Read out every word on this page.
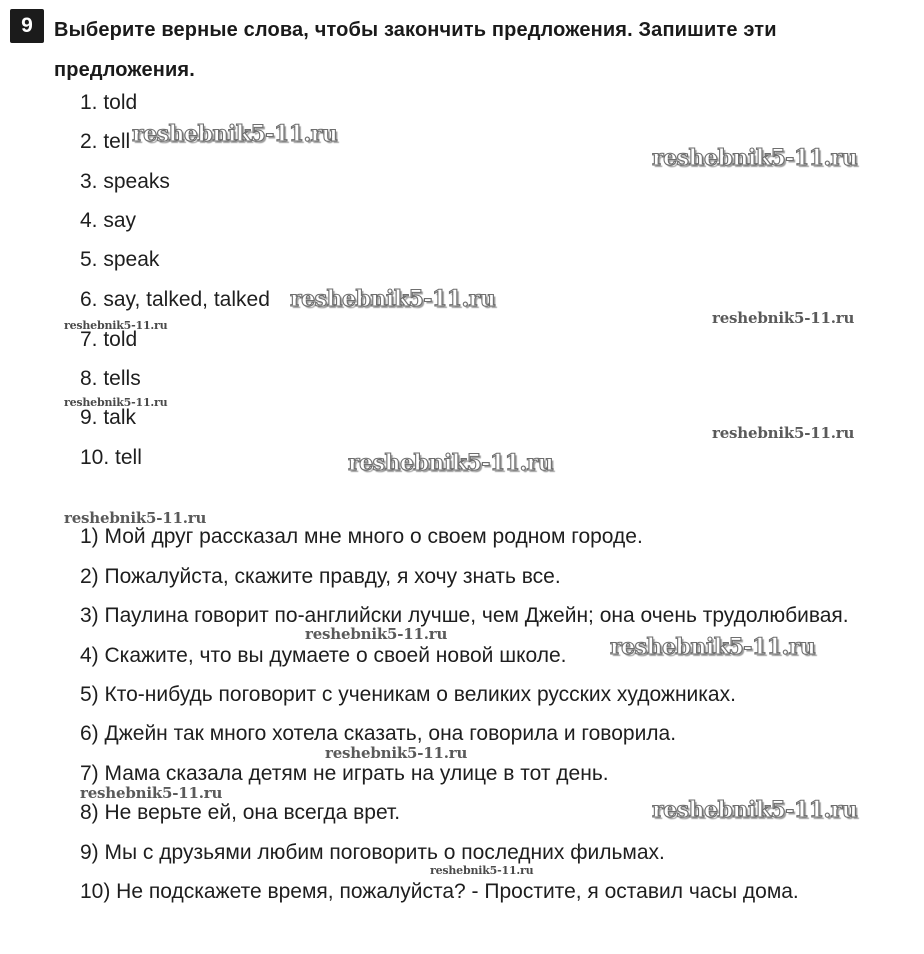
9	Выберите верные слова, чтобы закончить предложения. Запишите эти предложения.

1. told
2. tell
3. speaks
4. say
5. speak
6. say, talked, talked
7. told
8. tells
9. talk
10. tell
1) Мой друг рассказал мне много о своем родном городе.
2) Пожалуйста, скажите правду, я хочу знать все.
3) Паулина говорит по-английски лучше, чем Джейн; она очень трудолюбивая.
4) Скажите, что вы думаете о своей новой школе.
5) Кто-нибудь поговорит с ученикам о великих русских художниках.
6) Джейн так много хотела сказать, она говорила и говорила.
7) Мама сказала детям не играть на улице в тот день.
8) Не верьте ей, она всегда врет.
9) Мы с друзьями любим поговорить о последних фильмах.
10) Не подскажете время, пожалуйста? - Простите, я оставил часы дома.
reshebnik5-11.ru
reshebnik5-11.ru
reshebnik5-11.ru
reshebnik5-11.ru
reshebnik5-11.ru
reshebnik5-11.ru
reshebnik5-11.ru
reshebnik5-11.ru
reshebnik5-11.ru
reshebnik5-11.ru	reshebnik5-11.ru
reshebnik5-11.ru
reshebnik5-11.ru
reshebnik5-11.ru
reshebnik5-11.ru
